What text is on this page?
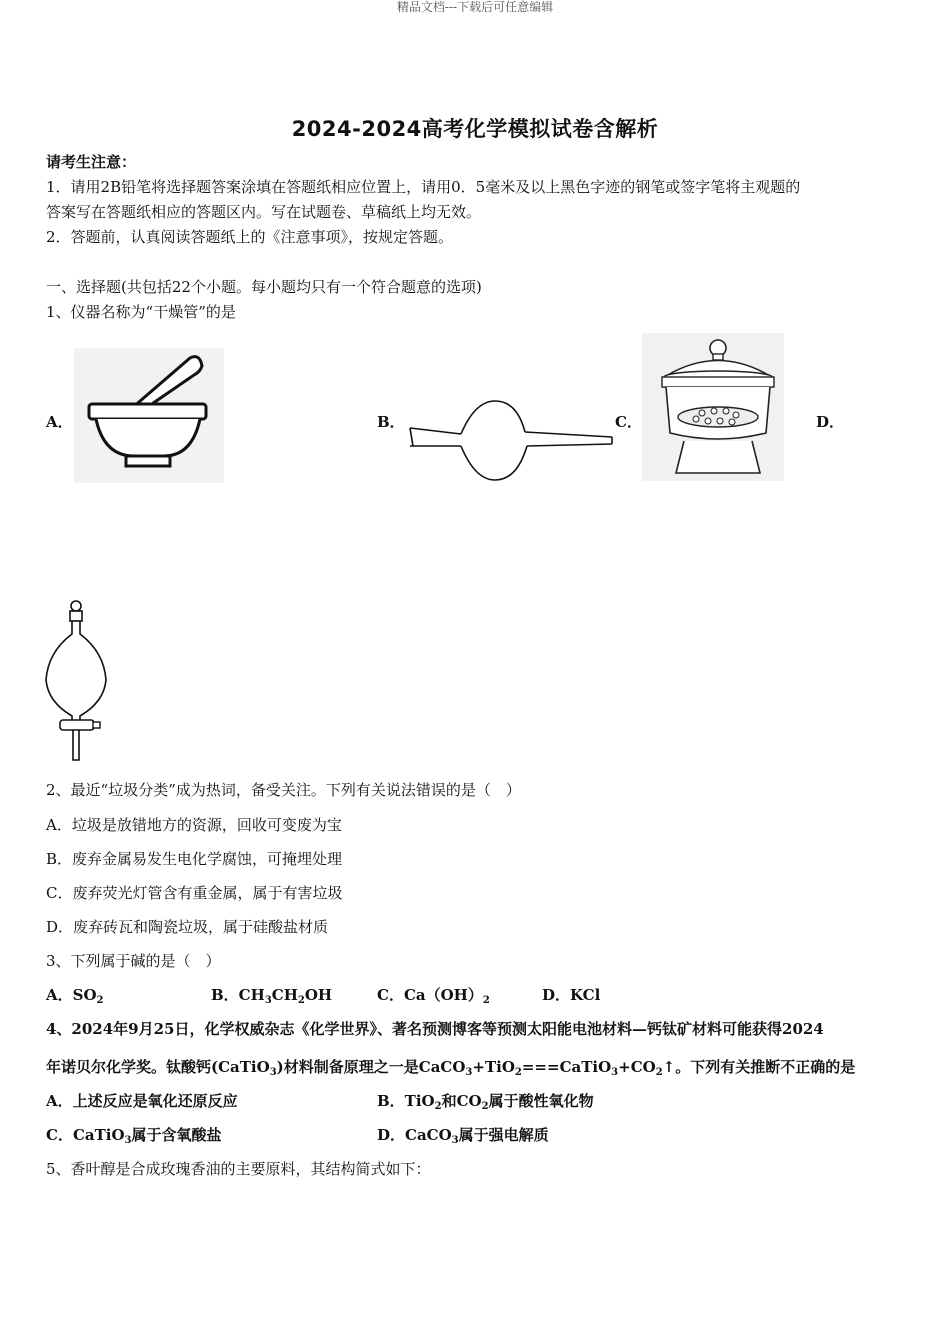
精品文档---下载后可任意编辑
2024-2024高考化学模拟试卷含解析
请考生注意：
1．请用2B铅笔将选择题答案涂填在答题纸相应位置上，请用0．5毫米及以上黑色字迹的钢笔或签字笔将主观题的
答案写在答题纸相应的答题区内。写在试题卷、草稿纸上均无效。
2．答题前，认真阅读答题纸上的《注意事项》，按规定答题。
一、选择题(共包括22个小题。每小题均只有一个符合题意的选项)
1、仪器名称为“干燥管”的是
A．	B．	C．	D．
2、最近“垃圾分类”成为热词，备受关注。下列有关说法错误的是（　）
A．垃圾是放错地方的资源，回收可变废为宝
B．废弃金属易发生电化学腐蚀，可掩埋处理
C．废弃荧光灯管含有重金属，属于有害垃圾
D．废弃砖瓦和陶瓷垃圾，属于硅酸盐材质
3、下列属于碱的是（　）
A．$SO_2$	B．$CH_3CH_2OH$	C．$Ca(OH)_2$	D．KCl
4、2024年9月25日，化学权威杂志《化学世界》、著名预测博客等预测太阳能电池材料—钙钛矿材料可能获得2024
年诺贝尔化学奖。钛酸钙(CaTiO$_3$)材料制备原理之一是$CaCO_3+TiO_2===CaTiO_3+CO_2↑$。下列有关推断不正确的是
A．上述反应是氧化还原反应	B．TiO$_2$和$CO_2$属于酸性氧化物
C．CaTiO$_3$属于含氧酸盐	D．CaCO$_3$属于强电解质
5、香叶醇是合成玫瑰香油的主要原料，其结构简式如下：
